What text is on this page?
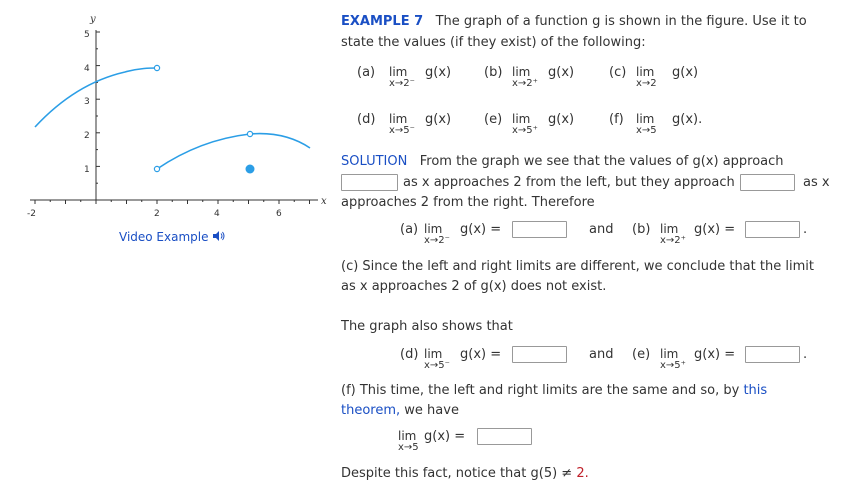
y
x
5
4
3
2
1
-2	2	4	6
Video Example
EXAMPLE 7 The graph of a function g is shown in the figure. Use it to
state the values (if they exist) of the following:
(a) lim
x→2⁻
g(x)	(b) lim
x→2⁺
g(x)	(c) lim
x→2
g(x)
(d) lim
x→5⁻
g(x)	(e) lim
x→5⁺
g(x)	(f) lim
x→5
g(x).
SOLUTION From the graph we see that the values of g(x) approach
as x approaches 2 from the left, but they approach	as x
approaches 2 from the right. Therefore
(a) lim
x→2⁻
g(x) =	and (b) lim
x→2⁺
g(x) =	.
(c) Since the left and right limits are different, we conclude that the limit
as x approaches 2 of g(x) does not exist.
The graph also shows that
(d) lim
x→5⁻
g(x) =	and (e) lim
x→5⁺
g(x) =	.
(f) This time, the left and right limits are the same and so, by this
theorem, we have
lim
x→5
g(x) =
Despite this fact, notice that g(5) ≠ 2.
